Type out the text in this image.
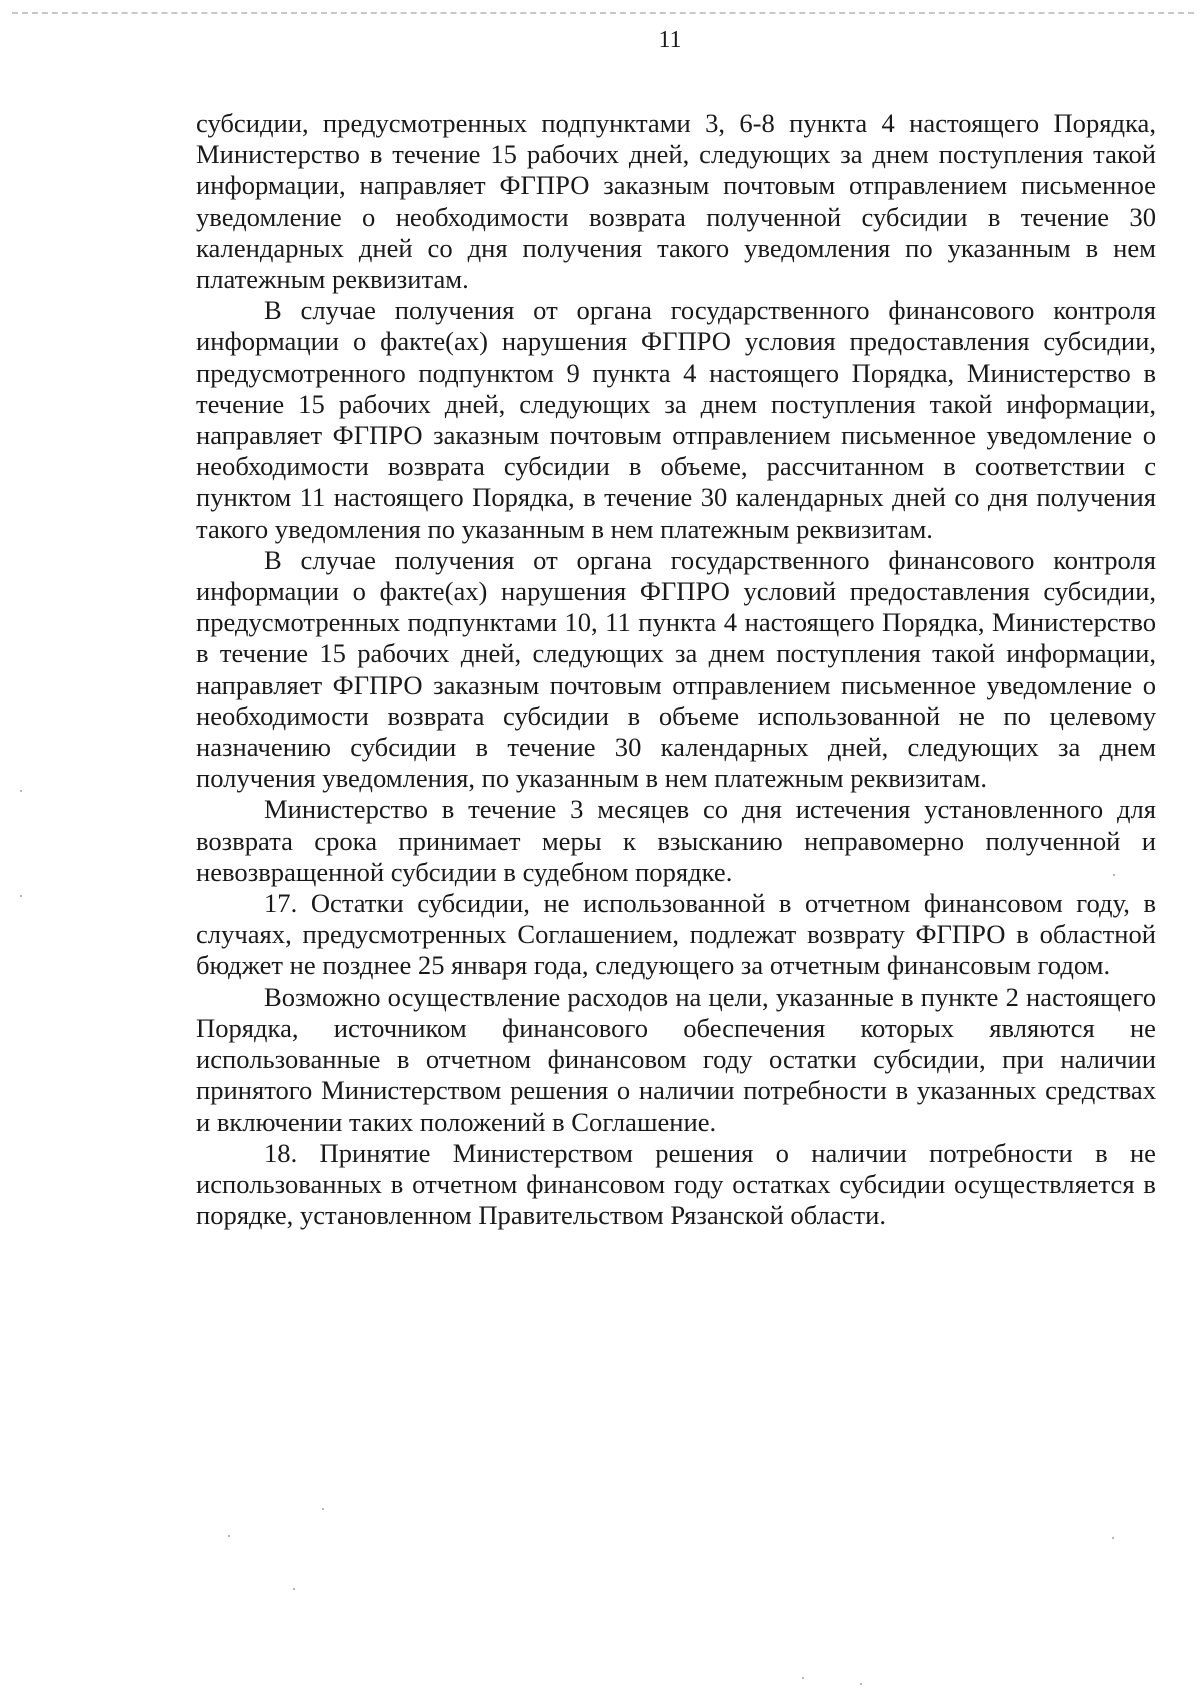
11

субсидии, предусмотренных подпунктами 3, 6-8 пункта 4 настоящего Порядка, Министерство в течение 15 рабочих дней, следующих за днем поступления такой информации, направляет ФГПРО заказным почтовым отправлением письменное уведомление о необходимости возврата полученной субсидии в течение 30 календарных дней со дня получения такого уведомления по указанным в нем платежным реквизитам.

В случае получения от органа государственного финансового контроля информации о факте(ах) нарушения ФГПРО условия предоставления субсидии, предусмотренного подпунктом 9 пункта 4 настоящего Порядка, Министерство в течение 15 рабочих дней, следующих за днем поступления такой информации, направляет ФГПРО заказным почтовым отправлением письменное уведомление о необходимости возврата субсидии в объеме, рассчитанном в соответствии с пунктом 11 настоящего Порядка, в течение 30 календарных дней со дня получения такого уведомления по указанным в нем платежным реквизитам.

В случае получения от органа государственного финансового контроля информации о факте(ах) нарушения ФГПРО условий предоставления субсидии, предусмотренных подпунктами 10, 11 пункта 4 настоящего Порядка, Министерство в течение 15 рабочих дней, следующих за днем поступления такой информации, направляет ФГПРО заказным почтовым отправлением письменное уведомление о необходимости возврата субсидии в объеме использованной не по целевому назначению субсидии в течение 30 календарных дней, следующих за днем получения уведомления, по указанным в нем платежным реквизитам.

Министерство в течение 3 месяцев со дня истечения установленного для возврата срока принимает меры к взысканию неправомерно полученной и невозвращенной субсидии в судебном порядке.

17. Остатки субсидии, не использованной в отчетном финансовом году, в случаях, предусмотренных Соглашением, подлежат возврату ФГПРО в областной бюджет не позднее 25 января года, следующего за отчетным финансовым годом.

Возможно осуществление расходов на цели, указанные в пункте 2 настоящего Порядка, источником финансового обеспечения которых являются не использованные в отчетном финансовом году остатки субсидии, при наличии принятого Министерством решения о наличии потребности в указанных средствах и включении таких положений в Соглашение.

18. Принятие Министерством решения о наличии потребности в не использованных в отчетном финансовом году остатках субсидии осуществляется в порядке, установленном Правительством Рязанской области.
